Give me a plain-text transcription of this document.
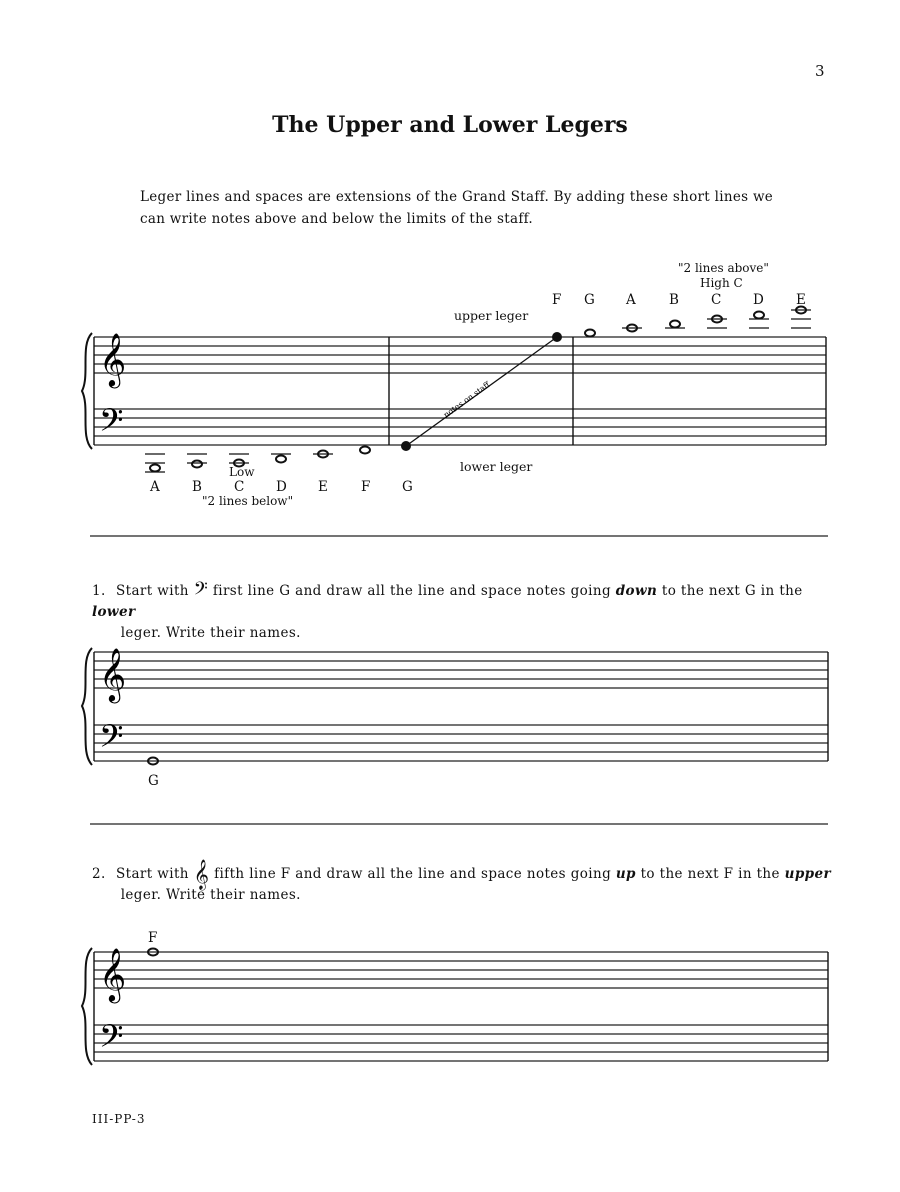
3
The Upper and Lower Legers
Leger lines and spaces are extensions of the Grand Staff. By adding these short lines we can write notes above and below the limits of the staff.
𝄞
𝄢
notes on staff
𝄞
𝄢
𝄞
𝄢
upper leger
lower leger
"2 lines above"
High C
F G A B C D E
Low
A B C D E F G
"2 lines below"
1. Start with 𝄢 first line G and draw all the line and space notes going down to the next G in the lower
leger. Write their names.
G
2. Start with 𝄞 fifth line F and draw all the line and space notes going up to the next F in the upper
leger. Write their names.
F
III-PP-3
